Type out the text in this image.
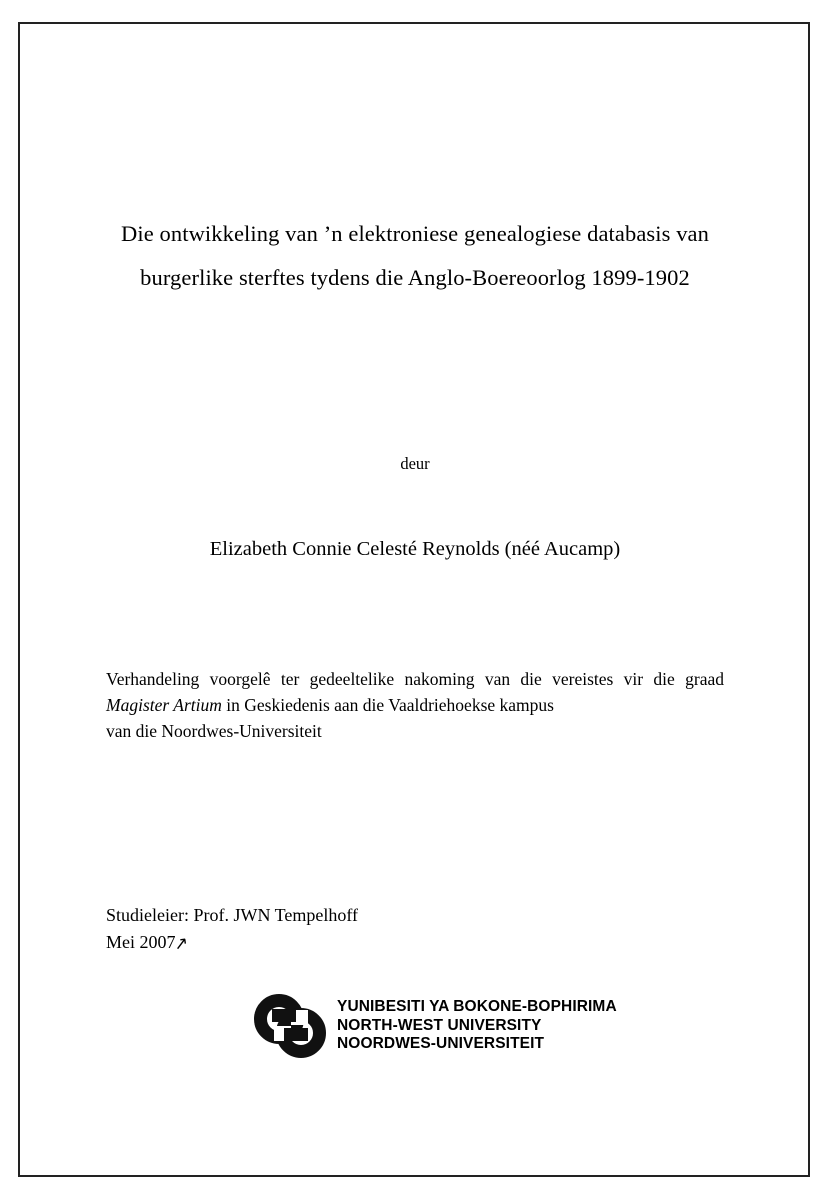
Die ontwikkeling van ’n elektroniese genealogiese databasis van
burgerlike sterftes tydens die Anglo-Boereoorlog 1899-1902
deur
Elizabeth Connie Celesté Reynolds (néé Aucamp)
Verhandeling voorgelê ter gedeeltelike nakoming van die vereistes vir die graad Magister Artium in Geskiedenis aan die Vaaldriehoekse kampus
van die Noordwes-Universiteit
Studieleier: Prof. JWN Tempelhoff
Mei 2007↗
YUNIBESITI YA BOKONE-BOPHIRIMA
NORTH-WEST UNIVERSITY
NOORDWES-UNIVERSITEIT
